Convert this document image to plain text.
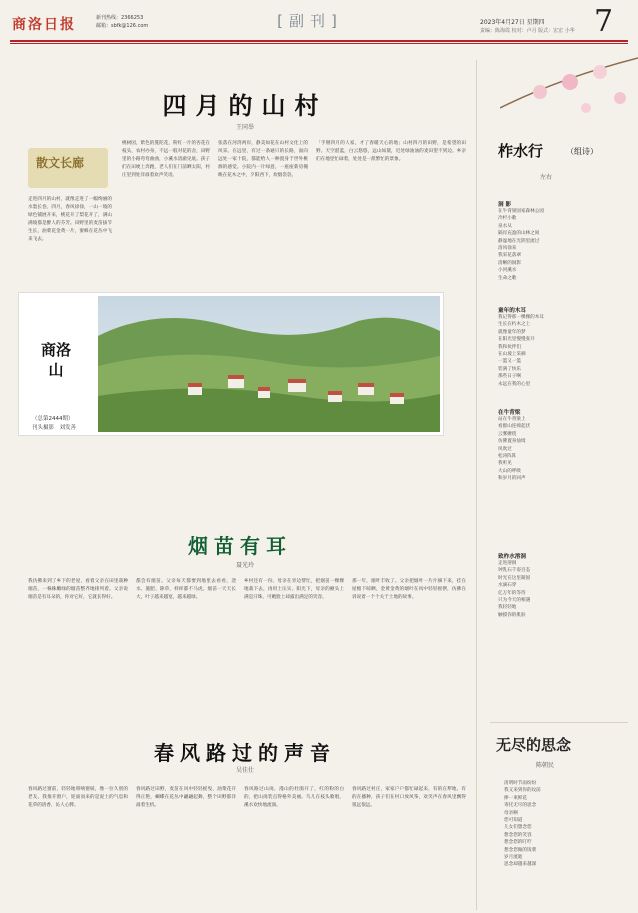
商洛日报	新刊热线：2366253
邮箱：sbfk@126.com	[副刊]	2023年4月27日 星期四
责编：陈海霞 校对：卢月 版式：宏宏 小华 7
四月的山村
王同举
散文长廊
走进四月的山村，就像走进了一幅绚丽的水墨长卷。四月，春风徐徐，一山一坡的绿色铺展开来，桃花开了梨花开了，满山满坡都是醉人的芬芳。田野里的麦苗拔节生长，油菜花金黄一片，蜜蜂在花丛中飞来飞去。
桃树园，紫色的蔓陀花，粉红一片的杏花在枝头，农村办身，不远一般对花的舍，田野里的小路弯弯曲曲，小溪水清澈见底。孩子们在田埂上奔跑，老人们在门前晒太阳，村庄里到处洋溢着欢声笑语。
张落在河湾两岸，静美如花在山村文化上的风采。在远里，有过一条通只的长路，面向远处一家十院，都能给人一种置身于世外桃源的感觉。小院内一片绿意，一座座新房掩映在花木之中，夕阳西下，炊烟袅袅。
「手掰四月的人家，才了春暖天心的地」山村四月的田野，是希望的田野。天空湛蓝，白云悠悠，远山如黛，近处绿油油的麦田望不到边。乡亲们在地里忙碌着，处处是一派繁忙的景象。
商洛山
（总第2444期）
刊头摄影　刘发善
烟苗有耳
聂光玲
我仿佛来到了乡下的老屋，看着父亲在田里栽种烟苗，一株株嫩绿的烟苗整齐地排列着。父亲说烟苗是有耳朵的，你对它好，它就长得好。
都会有烟苗。父亲每天都要到地里去看看，浇水、施肥、除草，样样都不马虎。烟苗一天天长大，叶子越来越宽，越来越绿。
乡村还有一份。母亲在旁边帮忙，把烟苗一棵棵地栽下去，再用土压实。阳光下，母亲的额头上满是汗珠，可她脸上却露出满足的笑容。
那一年，烟叶丰收了。父亲把烟叶一片片摘下来，挂在屋檐下晾晒，金黄金黄的烟叶在风中轻轻摇摆，仿佛在诉说着一个个关于土地的故事。
春风路过的声音
吴佳仕
春风路过窗前，轻轻地叩响窗棂，像一位久别的老友。我推开窗户，迎面而来的是泥土的气息和花草的清香，沁人心脾。
春风路过田野，麦苗在风中轻轻摇曳，油菜花开得正艳，蝴蝶在花丛中翩翩起舞，整个田野都洋溢着生机。
春风路过山岗，漫山的杜鹃开了，红的粉的白的，把山岗装点得格外美丽。鸟儿在枝头歌唱，溪水欢快地流淌。
春风路过村庄，家家户户都忙碌起来，有的在犁地，有的在播种，孩子们在村口放风筝，欢笑声在春风里飘得很远很远。
柞水行	（组诗）
左右
洞 影
在牛背梁国家森林公园
冷杉小歌
泉水从
隔岸充盈的山林之间
静谧地在光阴里流过
清风徐来
我采花落翠
清晰的洞影
小河溪水
生命之歌
童年的木耳
我记得那一棵棵的木耳
生长在朽木之上
就像童年的梦
在阳光里慢慢张开
我和伙伴们
在山坡上采摘
一篮又一篮
装满了快乐
那些日子啊
永远在我的心里
在牛背梁
站在牛背梁上
看群山连绵起伏
云雾缭绕
仿佛置身仙境
风吹过
松涛阵阵
我听见
大山的呼吸
和岁月的回声
致柞水溶洞
走进溶洞
钟乳石千姿百态
时光在这里凝固
水滴石穿
亿万年的等待
只为今天的相遇
我轻轻地
触摸你的肌肤
无尽的思念
陈朝民
清明时节雨纷纷
我又来到你的坟前
捧一束鲜花
寄托无尽的思念
母亲啊
您可知道
儿女们想念您
想念您的笑容
想念您的叮咛
想念您做的饭菜
岁月流逝
思念却越来越深
